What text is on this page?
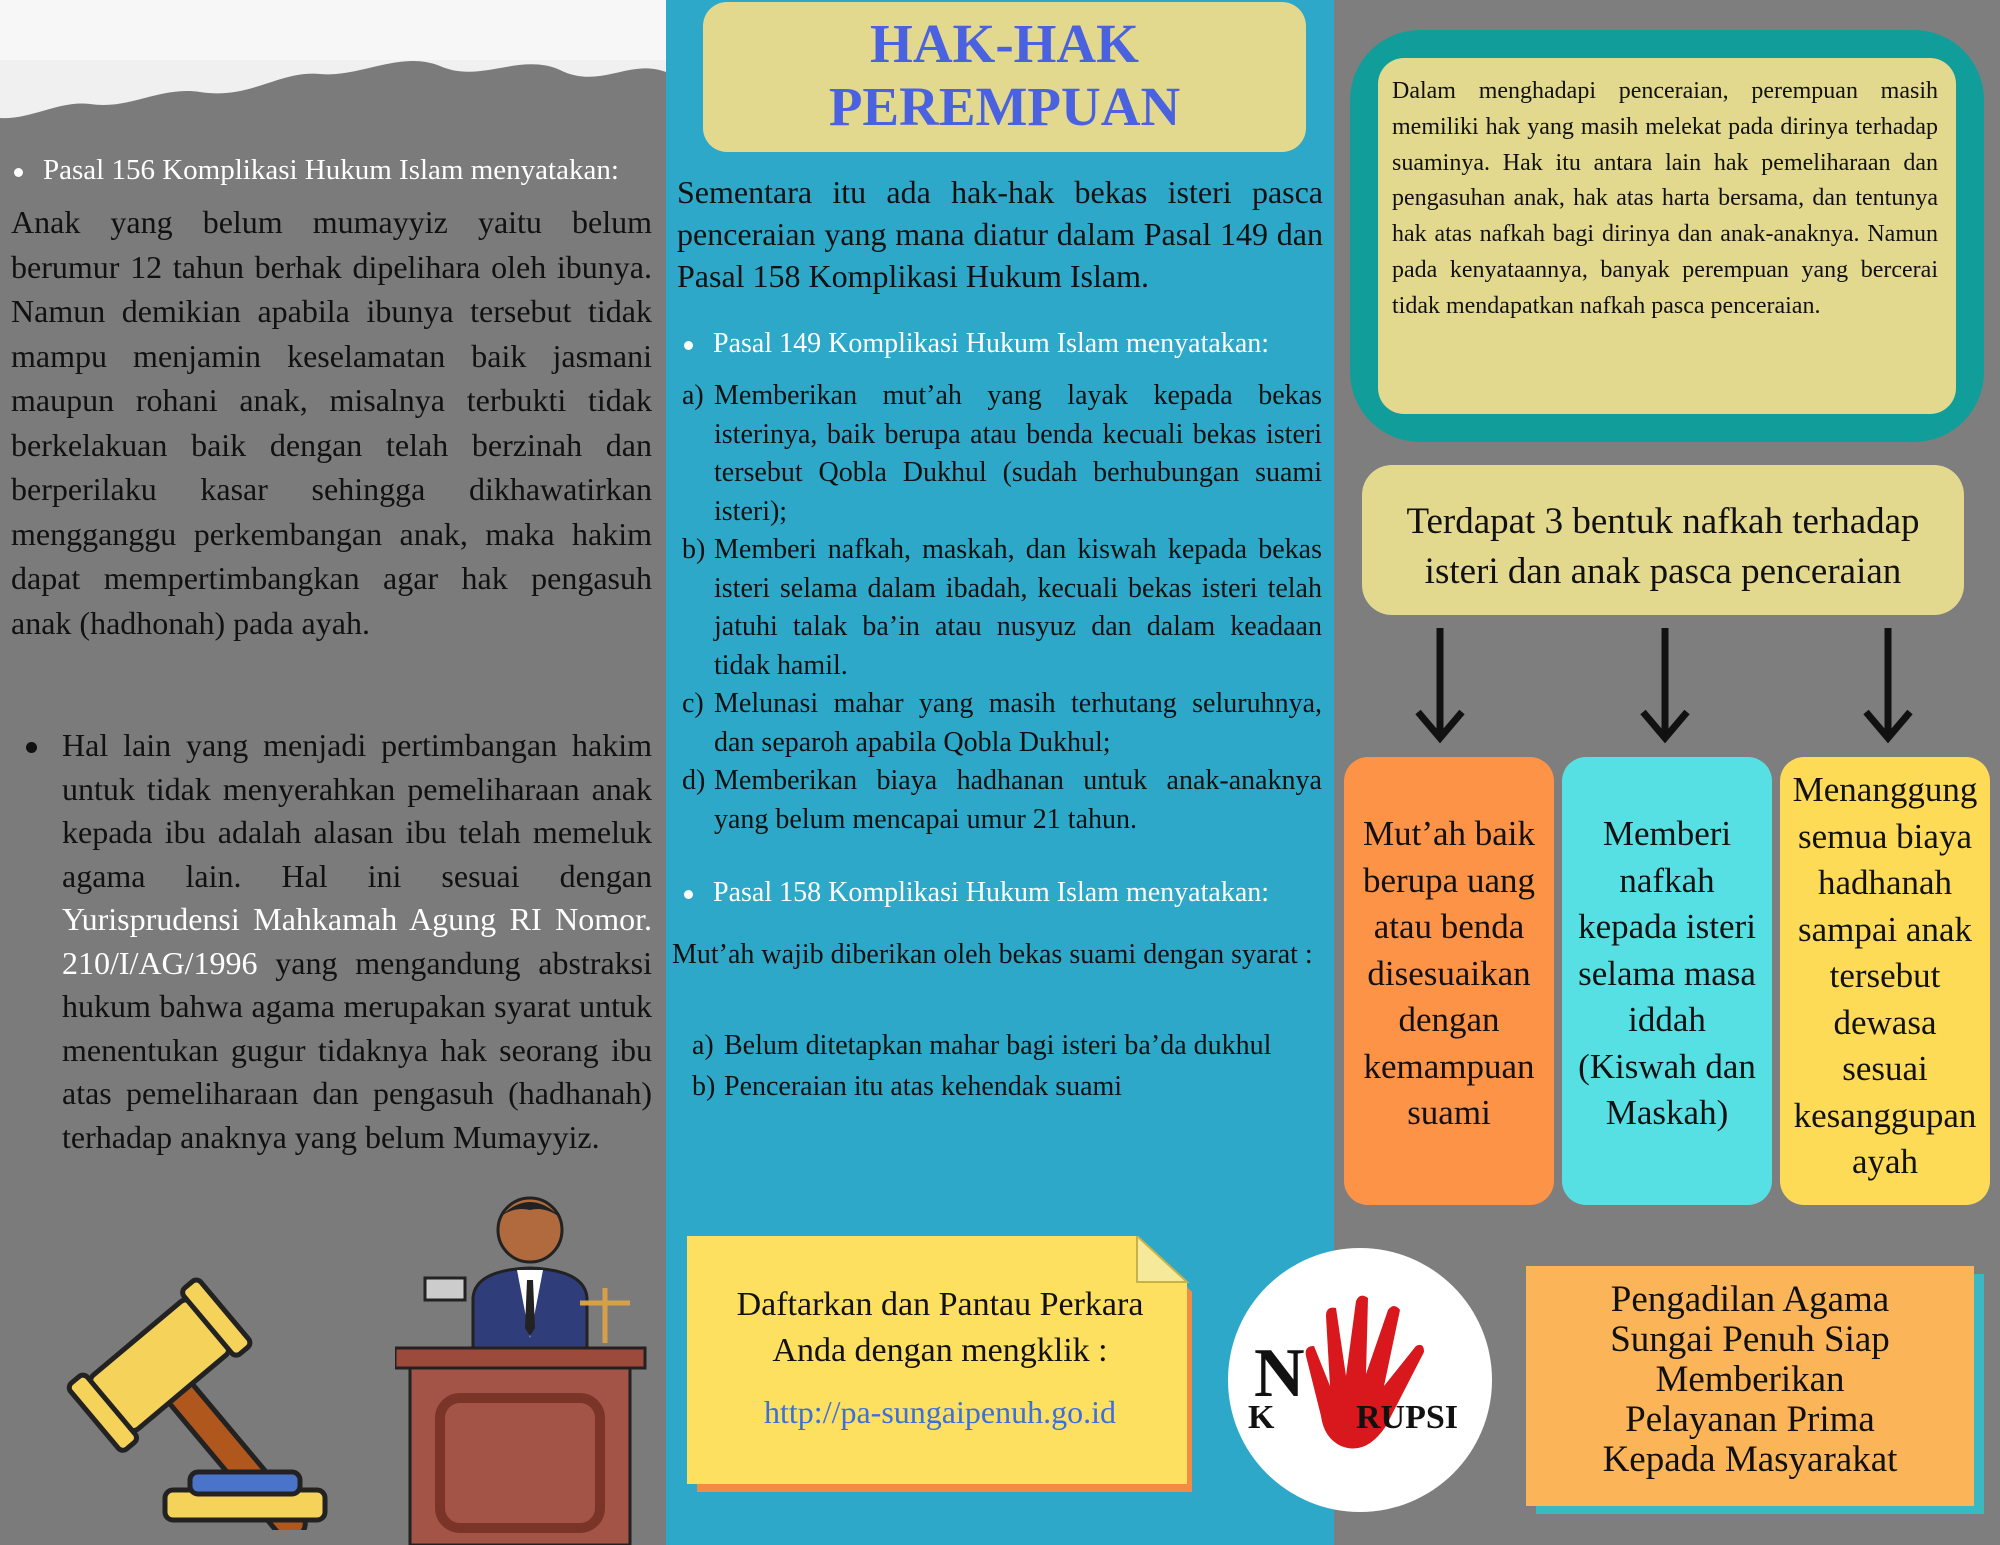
Pasal 156 Komplikasi Hukum Islam menyatakan:
Anak yang belum mumayyiz yaitu belum berumur 12 tahun berhak dipelihara oleh ibunya. Namun demikian apabila ibunya tersebut tidak mampu menjamin keselamatan baik jasmani maupun rohani anak, misalnya terbukti tidak berkelakuan baik dengan telah berzinah dan berperilaku kasar sehingga dikhawatirkan mengganggu perkembangan anak, maka hakim dapat mempertimbangkan agar hak pengasuh anak (hadhonah) pada ayah.
Hal lain yang menjadi pertimbangan hakim untuk tidak menyerahkan pemeliharaan anak kepada ibu adalah alasan ibu telah memeluk agama lain. Hal ini sesuai dengan Yurisprudensi Mahkamah Agung RI Nomor. 210/I/AG/1996 yang mengandung abstraksi hukum bahwa agama merupakan syarat untuk menentukan gugur tidaknya hak seorang ibu atas pemeliharaan dan pengasuh (hadhanah) terhadap anaknya yang belum Mumayyiz.
HAK-HAK
PEREMPUAN
Sementara itu ada hak-hak bekas isteri pasca penceraian yang mana diatur dalam Pasal 149 dan Pasal 158 Komplikasi Hukum Islam.
Pasal 149 Komplikasi Hukum Islam menyatakan:
a) Memberikan mut’ah yang layak kepada bekas isterinya, baik berupa atau benda kecuali bekas isteri tersebut Qobla Dukhul (sudah berhubungan suami isteri);
b) Memberi nafkah, maskah, dan kiswah kepada bekas isteri selama dalam ibadah, kecuali bekas isteri telah jatuhi talak ba’in atau nusyuz dan dalam keadaan tidak hamil.
c) Melunasi mahar yang masih terhutang seluruhnya, dan separoh apabila Qobla Dukhul;
d) Memberikan biaya hadhanan untuk anak-anaknya yang belum mencapai umur 21 tahun.
Pasal 158 Komplikasi Hukum Islam menyatakan:
Mut’ah wajib diberikan oleh bekas suami dengan syarat :
a) Belum ditetapkan mahar bagi isteri ba’da dukhul
b) Penceraian itu atas kehendak suami
Daftarkan dan Pantau Perkara
Anda dengan mengklik :
http://pa-sungaipenuh.go.id
Dalam menghadapi penceraian, perempuan masih memiliki hak yang masih melekat pada dirinya terhadap suaminya. Hak itu antara lain hak pemeliharaan dan pengasuhan anak, hak atas harta bersama, dan tentunya hak atas nafkah bagi dirinya dan anak-anaknya. Namun pada kenyataannya, banyak perempuan yang bercerai tidak mendapatkan nafkah pasca penceraian.
Terdapat 3 bentuk nafkah terhadap
isteri dan anak pasca penceraian
Mut’ah baik
berupa uang
atau benda
disesuaikan
dengan
kemampuan
suami
Memberi
nafkah
kepada isteri
selama masa
iddah
(Kiswah dan
Maskah)
Menanggung
semua biaya
hadhanah
sampai anak
tersebut
dewasa
sesuai
kesanggupan
ayah
N
K RUPSI
Pengadilan Agama
Sungai Penuh Siap
Memberikan
Pelayanan Prima
Kepada Masyarakat
